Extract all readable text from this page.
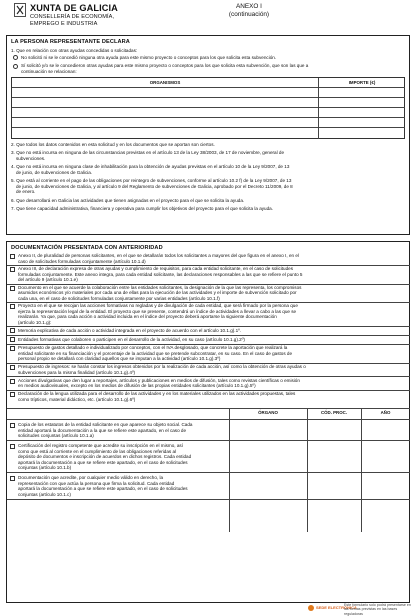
XUNTA DE GALICIA
CONSELLERÍA DE ECONOMÍA,
EMPREGO E INDUSTRIA
ANEXO I
(continuación)
LA PERSONA REPRESENTANTE DECLARA
1. Que en relación con otras ayudas concedidas o solicitadas:
No solicitó ni se le concedió ninguna otra ayuda para este mismo proyecto o conceptos para los que solicita esta subvención.
Sí solicitó y/o se le concedieron otras ayudas para este mismo proyecto o conceptos para los que solicita esta subvención, que son las que a
continuación se relacionan:
ORGANISMOS	IMPORTE (€)
2. Que todos los datos contenidos en esta solicitud y en los documentos que se aportan son ciertos.
3. Que no está incursa en ninguna de las circunstancias previstas en el artículo 13 de la Ley 38/2003, de 17 de noviembre, general de
subvenciones.
4. Que no está incursa en ninguna clase de inhabilitación para la obtención de ayudas previstas en el artículo 10 de la Ley 9/2007, de 13
de junio, de subvenciones de Galicia.
5. Que está al corriente en el pago de las obligaciones por reintegro de subvenciones, conforme al artículo 10.2 f) de la Ley 9/2007, de 13
de junio, de subvenciones de Galicia, y al artículo 9 del Reglamento de subvenciones de Galicia, aprobado por el Decreto 11/2009, de 8
de enero.
6. Que desarrollará en Galicia las actividades que tienen asignadas en el proyecto para el que se solicita la ayuda.
7. Que tiene capacidad administrativa, financiera y operativa para cumplir los objetivos del proyecto para el que solicita la ayuda.
DOCUMENTACIÓN PRESENTADA CON ANTERIORIDAD
Anexo II, de pluralidad de personas solicitantes, en el que se detallarán todos los solicitantes a mayores del que figura en el anexo I, en el
caso de solicitudes formuladas conjuntamente (artículo 10.1.d)
Anexo III, de declaración expresa de otras ayudas y cumplimiento de requisitos, para cada entidad solicitante, en el caso de solicitudes
formuladas conjuntamente. Este anexo integra, para cada entidad solicitante, las declaraciones responsables a las que se refiere el punto 5
del artículo 9 (artículo 10.1.e)
Documento en el que se acuerde la colaboración entre las entidades solicitantes, la designación de la que las representa, los compromisos
asumidos económicos y/o materiales por cada una de ellas para la ejecución de las actividades y el importe de subvención solicitado por
cada una, en el caso de solicitudes formuladas conjuntamente por varias entidades (artículo 10.1.f)
Proyecto en el que se recojan las acciones formativas no regladas y de divulgación de cada entidad, que será firmado por la persona que
ejerza la representación legal de la entidad. El proyecto que se presente, contendrá un índice de actividades a llevar a cabo a las que se
realizarán. Ya que, para cada acción o actividad incluida en el índice del proyecto deberá aportarse la siguiente documentación
(artículo 10.1.g):
Memoria explicativa de cada acción o actividad integrada en el proyecto de acuerdo con el artículo 10.1.g).1º.
Entidades formativas que colaboren o participen en el desarrollo de la actividad, en su caso (artículo 10.1.g).2º)
Presupuesto de gastos detallado e individualizado por conceptos, con el IVA desglosado, que concrete la aportación que realizará la
entidad solicitante en su financiación y el porcentaje de la actividad que se pretende subcontratar, en su caso. En el caso de gastos de
personal propio se detallará con claridad aquellos que se imputan a la actividad (artículo 10.1.g).3º)
Presupuesto de ingresos: se harán constar los ingresos obtenidos por la realización de cada acción, así como la obtención de otras ayudas o
subvenciones para la misma finalidad (artículo 10.1.g).4º)
Acciones divulgativas que den lugar a reportajes, artículos y publicaciones en medios de difusión, tales como revistas científicas o emisión
en medios audiovisuales, excepto en los medios de difusión de las propias entidades solicitantes (artículo 10.1.g).5º)
Declaración de la lengua utilizada para el desarrollo de las actividades y en los materiales utilizados en las actividades propuestas, tales
como trípticos, material didáctico, etc. (artículo 10.1.g).6º)
ÓRGANO	CÓD. PROC.	AÑO
Copia de los estatutos de la entidad solicitante en que aparece su objeto social. Cada
entidad aportará la documentación a la que se refiere este apartado, en el caso de
solicitudes conjuntas (artículo 10.1.a)
Certificación del registro competente que acredite su inscripción en el mismo, así
como que está al corriente en el cumplimiento de las obligaciones referidas al
depósito de documentos e inscripción de acuerdos en dichos registros. Cada entidad
aportará la documentación a que se refiere este apartado, en el caso de solicitudes
conjuntas (artículo 10.1.b)
Documentación que acredite, por cualquier medio válido en derecho, la
representación con que actúa la persona que firma la solicitud. Cada entidad
aportará la documentación a que se refiere este apartado, en el caso de solicitudes
conjuntas (artículo 10.1.c)
SEDE ELECTRÓNICA
Este formulario solo podrá presentarse en
las formas previstas en las bases reguladoras
